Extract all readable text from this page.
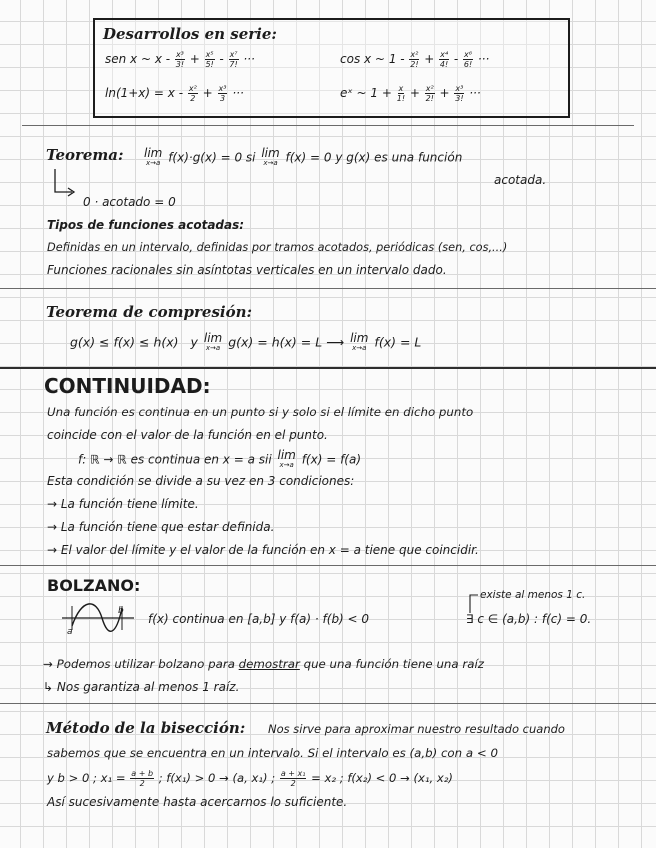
Desarrollos en serie:
sen x ~ $x - \frac{\text{x³}}{3!} + \frac{\text{x⁵}}{5!} - \frac{\text{x⁷}}{7!}$ ···	cos x ~ $1 - \frac{\text{x²}}{2!} + \frac{\text{x⁴}}{4!} - \frac{\text{x⁶}}{6!}$ ···
$\ln(1+x) = x - \frac{\text{x²}}{2} + \frac{\text{x³}}{3}$ ···	eˣ ~ $1 + \frac{x}{1!} + \frac{\text{x²}}{2!} + \frac{\text{x³}}{3!}$ ···
Teorema: lim
x→a f(x)·g(x) = 0 si lim
x→a f(x) = 0 y g(x) es una función
acotada.
0 · acotado = 0
Tipos de funciones acotadas:
Definidas en un intervalo, definidas por tramos acotados, periódicas (sen, cos,...)
Funciones racionales sin asíntotas verticales en un intervalo dado.
Teorema de compresión:
g(x) ≤ f(x) ≤ h(x) y lim
x→a g(x) = h(x) = L ⟶ lim
x→a f(x) = L
CONTINUIDAD:
Una función es continua en un punto si y solo si el límite en dicho punto
coincide con el valor de la función en el punto.
f: ℝ → ℝ es continua en x = a sii lim
x→a f(x) = f(a)
Esta condición se divide a su vez en 3 condiciones:
→ La función tiene límite.
→ La función tiene que estar definida.
→ El valor del límite y el valor de la función en x = a tiene que coincidir.
BOLZANO:
a
b
f(x) continua en [a,b] y f(a) · f(b) < 0
existe al menos 1 c.
∃ c ∈ (a,b) : f(c) = 0.
→ Podemos utilizar bolzano para demostrar que una función tiene una raíz
↳ Nos garantiza al menos 1 raíz.
Método de la bisección: Nos sirve para aproximar nuestro resultado cuando
sabemos que se encuentra en un intervalo. Si el intervalo es (a,b) con a < 0
y b > 0 ; $x_1 = \frac{a + b}{2}$ ; f(x₁) > 0 → (a, x₁) ; $\frac{\text{a + x₁}}{2} = x_2$ ; f(x₂) < 0 → (x₁, x₂)
Así sucesivamente hasta acercarnos lo suficiente.
